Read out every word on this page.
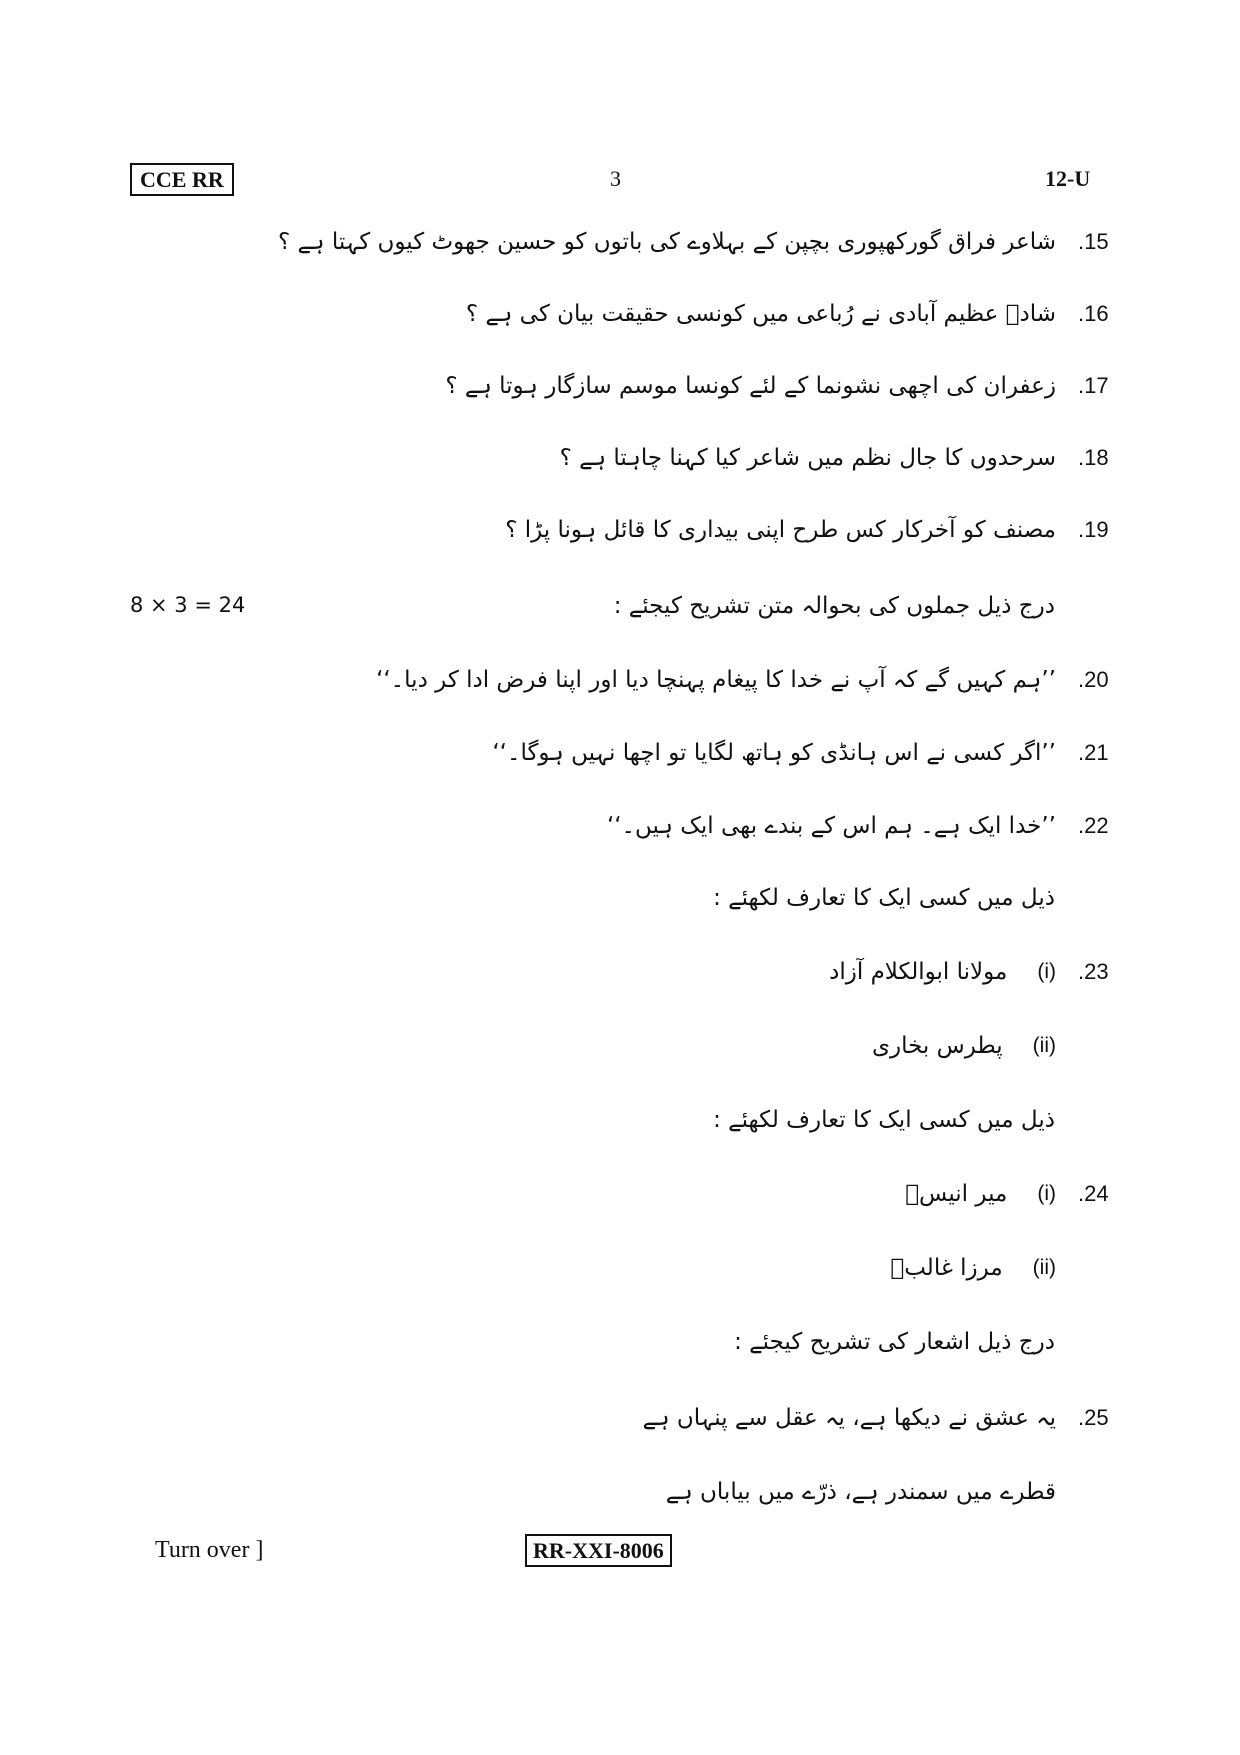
CCE RR	3	12-U
.15
شاعر فراق گورکھپوری بچپن کے بہلاوے کی باتوں کو حسین جھوٹ کیوں کہتا ہے ؟
.16
شادؔ عظیم آبادی نے رُباعی میں کونسی حقیقت بیان کی ہے ؟
.17
زعفران کی اچھی نشونما کے لئے کونسا موسم سازگار ہوتا ہے ؟
.18
سرحدوں کا جال نظم میں شاعر کیا کہنا چاہتا ہے ؟
.19
مصنف کو آخرکار کس طرح اپنی بیداری کا قائل ہونا پڑا ؟
8 × 3 = 24	درج ذیل جملوں کی بحوالہ متن تشریح کیجئے :
.20
’’ہم کہیں گے کہ آپ نے خدا کا پیغام پہنچا دیا اور اپنا فرض ادا کر دیا۔‘‘
.21
’’اگر کسی نے اس ہانڈی کو ہاتھ لگایا تو اچھا نہیں ہوگا۔‘‘
.22
’’خدا ایک ہے۔ ہم اس کے بندے بھی ایک ہیں۔‘‘
ذیل میں کسی ایک کا تعارف لکھئے :
.23
(i)
مولانا ابوالکلام آزاد
(ii)
پطرس بخاری
ذیل میں کسی ایک کا تعارف لکھئے :
.24
(i)
میر انیسؔ
(ii)
مرزا غالبؔ
درج ذیل اشعار کی تشریح کیجئے :
.25
یہ عشق نے دیکھا ہے، یہ عقل سے پنہاں ہے
قطرے میں سمندر ہے، ذرّے میں بیاباں ہے
Turn over ]	RR-XXI-8006
